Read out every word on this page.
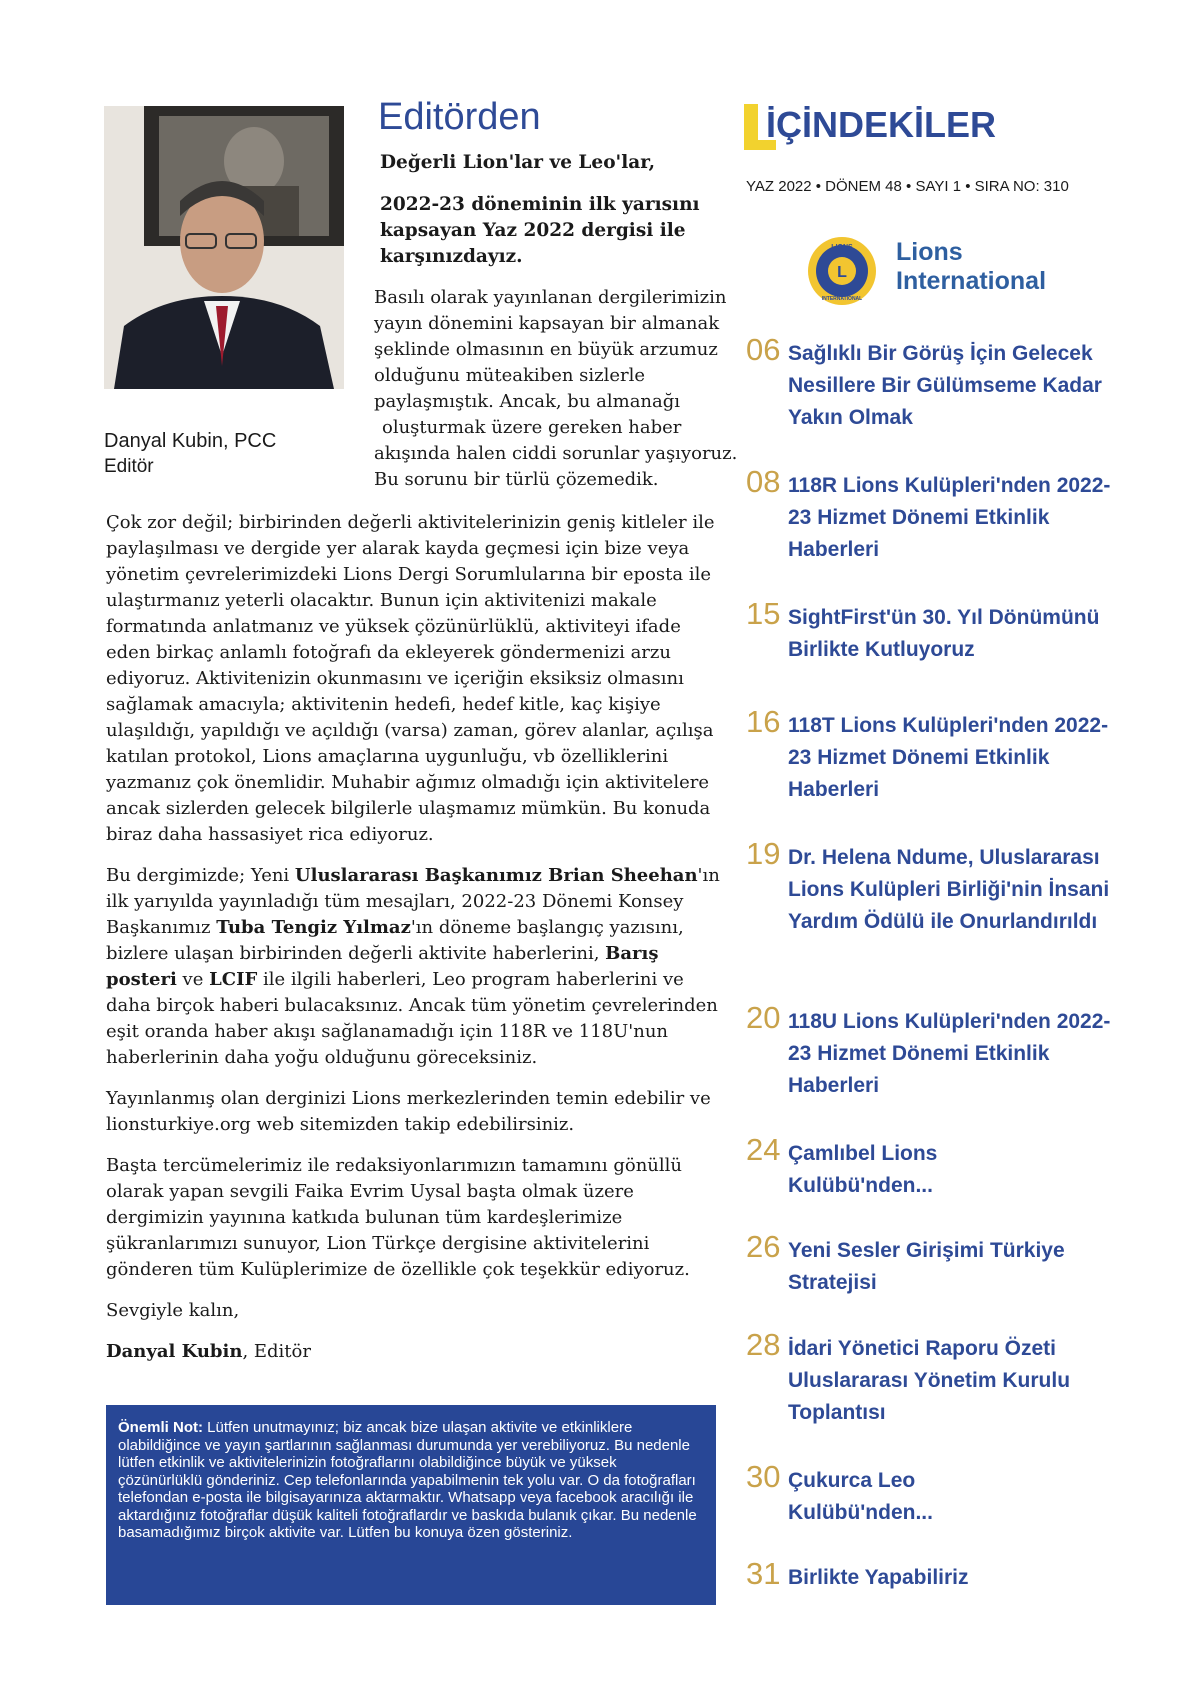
Danyal Kubin, PCC
Editör
Editörden
Değerli Lion'lar ve Leo'lar,
2022-23 döneminin ilk yarısını kapsayan Yaz 2022 dergisi ile karşınızdayız.
Basılı olarak yayınlanan dergilerimizin
yayın dönemini kapsayan bir almanak
şeklinde olmasının en büyük arzumuz
olduğunu müteakiben sizlerle
paylaşmıştık. Ancak, bu almanağı
oluşturmak üzere gereken haber
akışında halen ciddi sorunlar yaşıyoruz.
Bu sorunu bir türlü çözemedik.

Çok zor değil; birbirinden değerli aktivitelerinizin geniş kitleler ile paylaşılması ve dergide yer alarak kayda geçmesi için bize veya yönetim çevrelerimizdeki Lions Dergi Sorumlularına bir eposta ile ulaştırmanız yeterli olacaktır. Bunun için aktivitenizi makale formatında anlatmanız ve yüksek çözünürlüklü, aktiviteyi ifade eden birkaç anlamlı fotoğrafı da ekleyerek göndermenizi arzu ediyoruz. Aktivitenizin okunmasını ve içeriğin eksiksiz olmasını sağlamak amacıyla; aktivitenin hedefi, hedef kitle, kaç kişiye ulaşıldığı, yapıldığı ve açıldığı (varsa) zaman, görev alanlar, açılışa katılan protokol, Lions amaçlarına uygunluğu, vb özelliklerini yazmanız çok önemlidir. Muhabir ağımız olmadığı için aktivitelere ancak sizlerden gelecek bilgilerle ulaşmamız mümkün. Bu konuda biraz daha hassasiyet rica ediyoruz.

Bu dergimizde; Yeni Uluslararası Başkanımız Brian Sheehan'ın ilk yarıyılda yayınladığı tüm mesajları, 2022-23 Dönemi Konsey Başkanımız Tuba Tengiz Yılmaz'ın döneme başlangıç yazısını, bizlere ulaşan birbirinden değerli aktivite haberlerini, Barış posteri ve LCIF ile ilgili haberleri, Leo program haberlerini ve daha birçok haberi bulacaksınız. Ancak tüm yönetim çevrelerinden eşit oranda haber akışı sağlanamadığı için 118R ve 118U'nun haberlerinin daha yoğu olduğunu göreceksiniz.

Yayınlanmış olan derginizi Lions merkezlerinden temin edebilir ve lionsturkiye.org web sitemizden takip edebilirsiniz.

Başta tercümelerimiz ile redaksiyonlarımızın tamamını gönüllü olarak yapan sevgili Faika Evrim Uysal başta olmak üzere dergimizin yayınına katkıda bulunan tüm kardeşlerimize şükranlarımızı sunuyor, Lion Türkçe dergisine aktivitelerini gönderen tüm Kulüplerimize de özellikle çok teşekkür ediyoruz.

Sevgiyle kalın,

Danyal Kubin, Editör

Önemli Not: Lütfen unutmayınız; biz ancak bize ulaşan aktivite ve etkinliklere olabildiğince ve yayın şartlarının sağlanması durumunda yer verebiliyoruz. Bu nedenle lütfen etkinlik ve aktivitelerinizin fotoğraflarını olabildiğince büyük ve yüksek çözünürlüklü gönderiniz. Cep telefonlarında yapabilmenin tek yolu var. O da fotoğrafları telefondan e-posta ile bilgisayarınıza aktarmaktır. Whatsapp veya facebook aracılığı ile aktardığınız fotoğraflar düşük kaliteli fotoğraflardır ve baskıda bulanık çıkar. Bu nedenle basamadığımız birçok aktivite var. Lütfen bu konuya özen gösteriniz.
İÇİNDEKİLER
YAZ 2022 • DÖNEM 48 • SAYI 1 • SIRA NO: 310
L
LIONS
INTERNATIONAL
Lions
International
06 Sağlıklı Bir Görüş İçin Gelecek Nesillere Bir Gülümseme Kadar Yakın Olmak
08 118R Lions Kulüpleri'nden 2022-23 Hizmet Dönemi Etkinlik Haberleri
15 SightFirst'ün 30. Yıl Dönümünü Birlikte Kutluyoruz
16 118T Lions Kulüpleri'nden 2022-23 Hizmet Dönemi Etkinlik Haberleri
19 Dr. Helena Ndume, Uluslararası Lions Kulüpleri Birliği'nin İnsani Yardım Ödülü ile Onurlandırıldı
20 118U Lions Kulüpleri'nden 2022-23 Hizmet Dönemi Etkinlik Haberleri
24 Çamlıbel Lions Kulübü'nden...
26 Yeni Sesler Girişimi Türkiye Stratejisi
28 İdari Yönetici Raporu Özeti Uluslararası Yönetim Kurulu Toplantısı
30 Çukurca Leo Kulübü'nden...
31 Birlikte Yapabiliriz
